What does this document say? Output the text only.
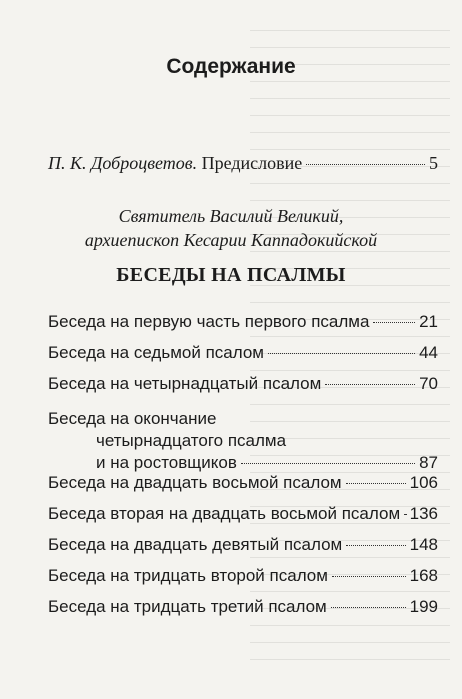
Содержание
П. К. Доброцветов. Предисловие	5
Святитель Василий Великий,
архиепископ Кесарии Каппадокийской
БЕСЕДЫ НА ПСАЛМЫ
Беседа на первую часть первого псалма	21
Беседа на седьмой псалом	44
Беседа на четырнадцатый псалом	70
Беседа на окончание
четырнадцатого псалма
и на ростовщиков	87
Беседа на двадцать восьмой псалом	106
Беседа вторая на двадцать восьмой псалом 136
Беседа на двадцать девятый псалом	148
Беседа на тридцать второй псалом	168
Беседа на тридцать третий псалом	199
